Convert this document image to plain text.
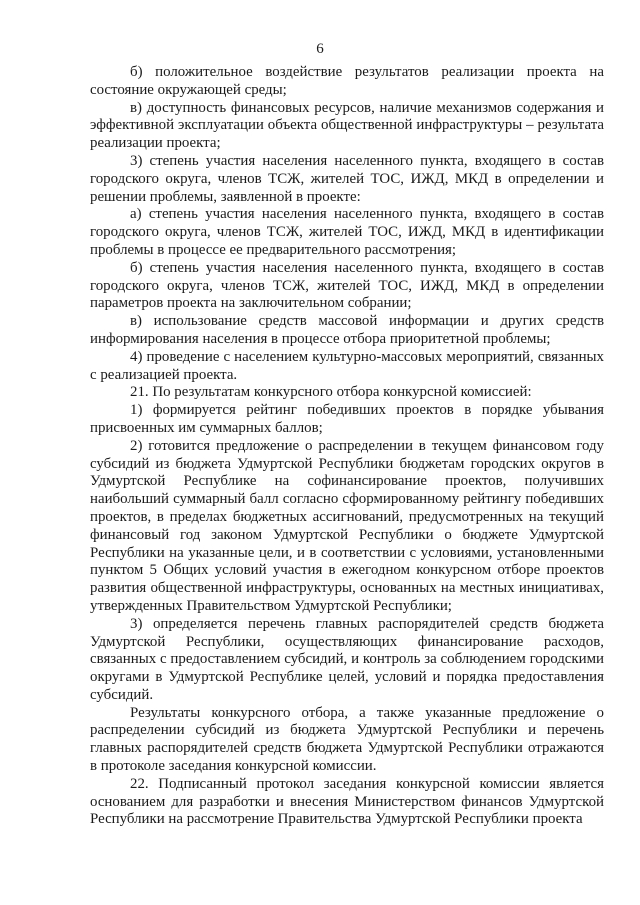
6

б) положительное воздействие результатов реализации проекта на состояние окружающей среды;

в) доступность финансовых ресурсов, наличие механизмов содержания и эффективной эксплуатации объекта общественной инфраструктуры – результата реализации проекта;

3) степень участия населения населенного пункта, входящего в состав городского округа, членов ТСЖ, жителей ТОС, ИЖД, МКД в определении и решении проблемы, заявленной в проекте:

а) степень участия населения населенного пункта, входящего в состав городского округа, членов ТСЖ, жителей ТОС, ИЖД, МКД в идентификации проблемы в процессе ее предварительного рассмотрения;

б) степень участия населения населенного пункта, входящего в состав городского округа, членов ТСЖ, жителей ТОС, ИЖД, МКД в определении параметров проекта на заключительном собрании;

в) использование средств массовой информации и других средств информирования населения в процессе отбора приоритетной проблемы;

4) проведение с населением культурно-массовых мероприятий, связанных с реализацией проекта.

21. По результатам конкурсного отбора конкурсной комиссией:

1) формируется рейтинг победивших проектов в порядке убывания присвоенных им суммарных баллов;

2) готовится предложение о распределении в текущем финансовом году субсидий из бюджета Удмуртской Республики бюджетам городских округов в Удмуртской Республике на софинансирование проектов, получивших наибольший суммарный балл согласно сформированному рейтингу победивших проектов, в пределах бюджетных ассигнований, предусмотренных на текущий финансовый год законом Удмуртской Республики о бюджете Удмуртской Республики на указанные цели, и в соответствии с условиями, установленными пунктом 5 Общих условий участия в ежегодном конкурсном отборе проектов развития общественной инфраструктуры, основанных на местных инициативах, утвержденных Правительством Удмуртской Республики;

3) определяется перечень главных распорядителей средств бюджета Удмуртской Республики, осуществляющих финансирование расходов, связанных с предоставлением субсидий, и контроль за соблюдением городскими округами в Удмуртской Республике целей, условий и порядка предоставления субсидий.

Результаты конкурсного отбора, а также указанные предложение о распределении субсидий из бюджета Удмуртской Республики и перечень главных распорядителей средств бюджета Удмуртской Республики отражаются в протоколе заседания конкурсной комиссии.

22. Подписанный протокол заседания конкурсной комиссии является основанием для разработки и внесения Министерством финансов Удмуртской Республики на рассмотрение Правительства Удмуртской Республики проекта
